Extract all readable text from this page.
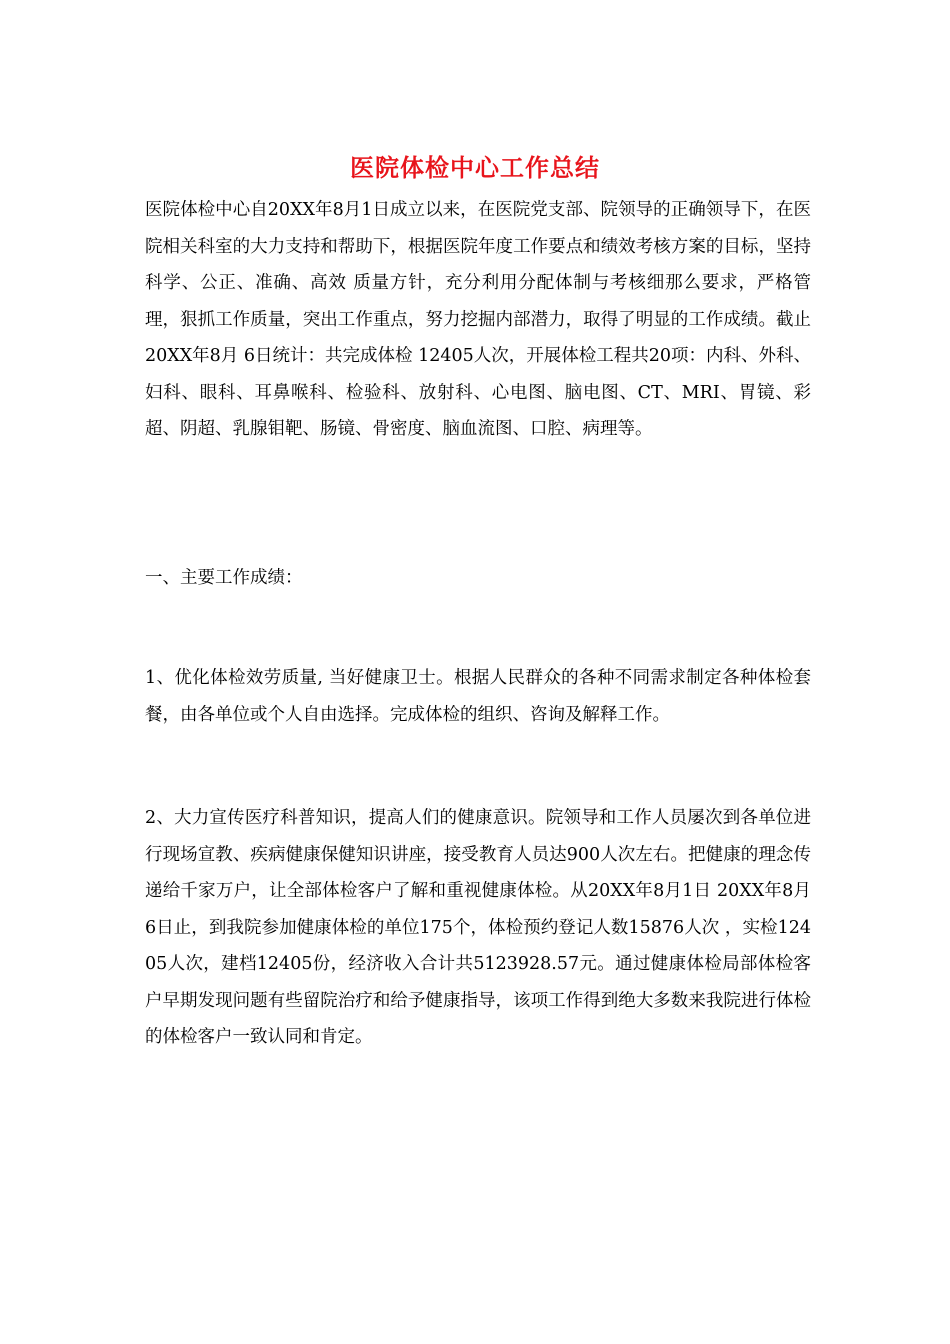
医院体检中心工作总结

医院体检中心自20XX年8月1日成立以来，在医院党支部、院领导的正确领导下，在医院相关科室的大力支持和帮助下，根据医院年度工作要点和绩效考核方案的目标，坚持 科学、公正、准确、高效 质量方针，充分利用分配体制与考核细那么要求，严格管理，狠抓工作质量，突出工作重点，努力挖掘内部潜力，取得了明显的工作成绩。截止20XX年8月 6日统计：共完成体检 12405人次，开展体检工程共20项：内科、外科、妇科、眼科、耳鼻喉科、检验科、放射科、心电图、脑电图、CT、MRI、胃镜、彩超、阴超、乳腺钼靶、肠镜、骨密度、脑血流图、口腔、病理等。

一、主要工作成绩：

1、优化体检效劳质量, 当好健康卫士。根据人民群众的各种不同需求制定各种体检套餐，由各单位或个人自由选择。完成体检的组织、咨询及解释工作。

2、大力宣传医疗科普知识，提高人们的健康意识。院领导和工作人员屡次到各单位进行现场宣教、疾病健康保健知识讲座，接受教育人员达900人次左右。把健康的理念传递给千家万户，让全部体检客户了解和重视健康体检。从20XX年8月1日 20XX年8月6日止，到我院参加健康体检的单位175个，体检预约登记人数15876人次 ，实检12405人次，建档12405份，经济收入合计共5123928.57元。通过健康体检局部体检客户早期发现问题有些留院治疗和给予健康指导，该项工作得到绝大多数来我院进行体检的体检客户一致认同和肯定。
